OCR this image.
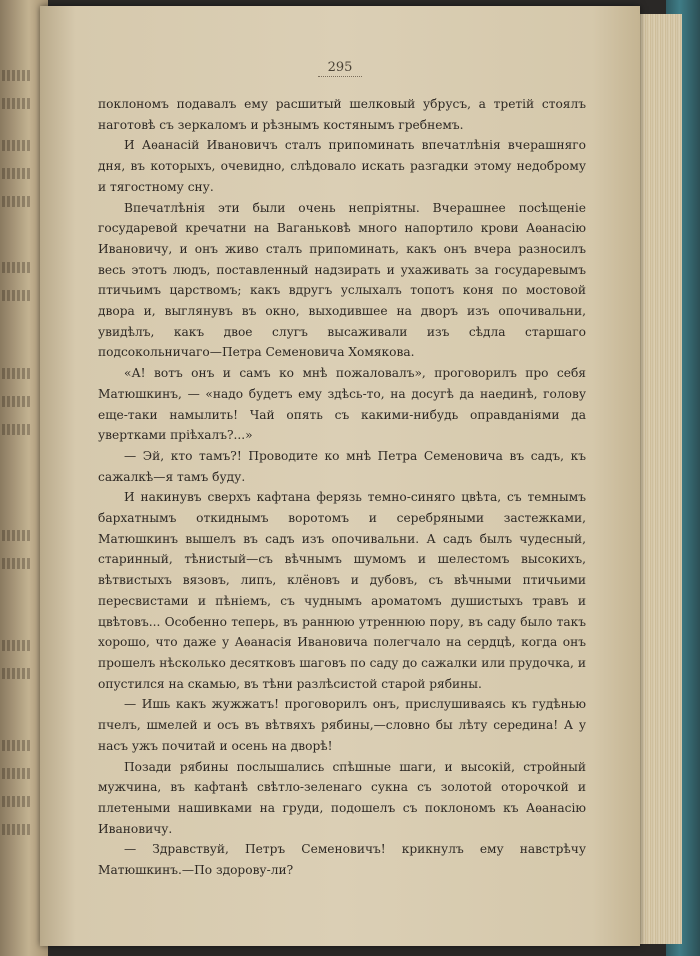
295

поклономъ подавалъ ему расшитый шелковый убрусъ, а третій стоялъ наготовѣ съ зеркаломъ и рѣзнымъ костянымъ гребнемъ.

И Аѳанасій Ивановичъ сталъ припоминать впечатлѣнія вчерашняго дня, въ которыхъ, очевидно, слѣдовало искать разгадки этому недоброму и тягостному сну.

Впечатлѣнія эти были очень непріятны. Вчерашнее посѣщеніе государевой кречатни на Ваганьковѣ много напортило крови Аѳанасію Ивановичу, и онъ живо сталъ припоминать, какъ онъ вчера разносилъ весь этотъ людъ, поставленный надзирать и ухаживать за государевымъ птичьимъ царствомъ; какъ вдругъ услыхалъ топотъ коня по мостовой двора и, выглянувъ въ окно, выходившее на дворъ изъ опочивальни, увидѣлъ, какъ двое слугъ высаживали изъ сѣдла старшаго подсокольничаго—Петра Семеновича Хомякова.

«А! вотъ онъ и самъ ко мнѣ пожаловалъ», проговорилъ про себя Матюшкинъ, — «надо будетъ ему здѣсь-то, на досугѣ да наединѣ, голову еще-таки намылить! Чай опять съ какими-нибудь оправданіями да увертками пріѣхалъ?...»

— Эй, кто тамъ?! Проводите ко мнѣ Петра Семеновича въ садъ, къ сажалкѣ—я тамъ буду.

И накинувъ сверхъ кафтана ферязь темно-синяго цвѣта, съ темнымъ бархатнымъ откиднымъ воротомъ и серебряными застежками, Матюшкинъ вышелъ въ садъ изъ опочивальни. А садъ былъ чудесный, старинный, тѣнистый—съ вѣчнымъ шумомъ и шелестомъ высокихъ, вѣтвистыхъ вязовъ, липъ, клёновъ и дубовъ, съ вѣчными птичьими пересвистами и пѣніемъ, съ чуднымъ ароматомъ душистыхъ травъ и цвѣтовъ... Особенно теперь, въ раннюю утреннюю пору, въ саду было такъ хорошо, что даже у Аѳанасія Ивановича полегчало на сердцѣ, когда онъ прошелъ нѣсколько десятковъ шаговъ по саду до сажалки или прудочка, и опустился на скамью, въ тѣни разлѣсистой старой рябины.

— Ишь какъ жужжатъ! проговорилъ онъ, прислушиваясь къ гудѣнью пчелъ, шмелей и осъ въ вѣтвяхъ рябины,—словно бы лѣту середина! А у насъ ужъ почитай и осень на дворѣ!

Позади рябины послышались спѣшные шаги, и высокій, стройный мужчина, въ кафтанѣ свѣтло-зеленаго сукна съ золотой оторочкой и плетеными нашивками на груди, подошелъ съ поклономъ къ Аѳанасію Ивановичу.

— Здравствуй, Петръ Семеновичъ! крикнулъ ему навстрѣчу Матюшкинъ.—По здорову-ли?
